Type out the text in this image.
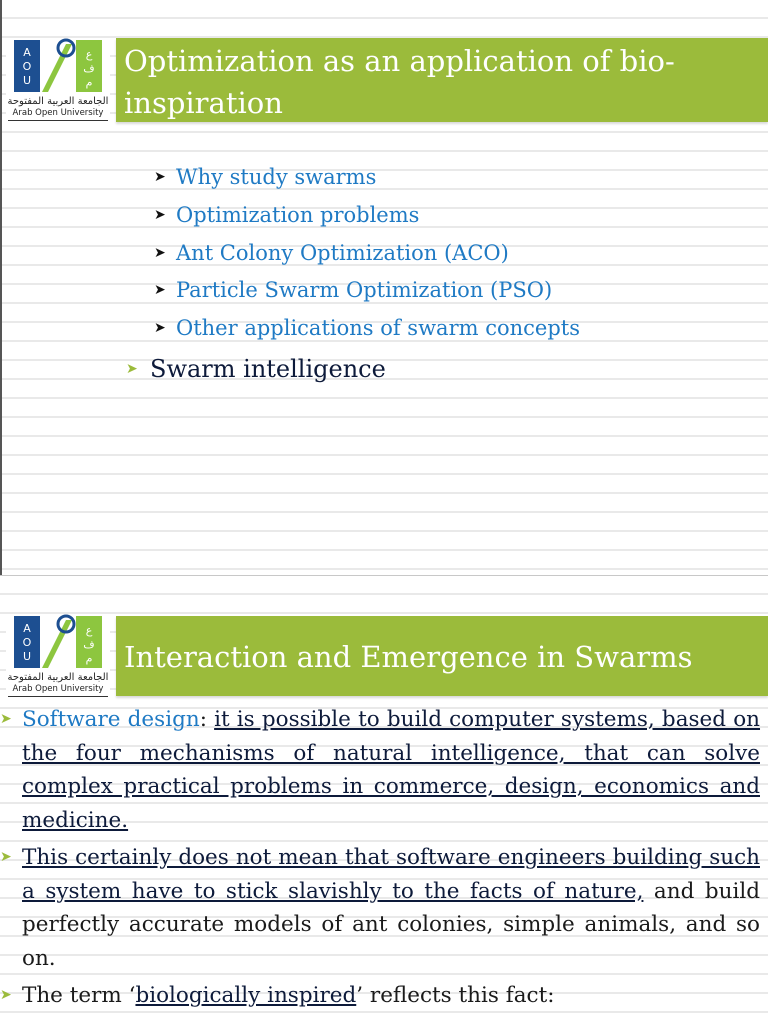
A
O
U
ع
ف
م
الجامعة العربية المفتوحة
Arab Open University
Optimization as an application of bio-inspiration
➤ Why study swarms
➤ Optimization problems
➤ Ant Colony Optimization (ACO)
➤ Particle Swarm Optimization (PSO)
➤ Other applications of swarm concepts
➤ Swarm intelligence
A
O
U
ع
ف
م
الجامعة العربية المفتوحة
Arab Open University
Interaction and Emergence in Swarms

➤ Software design: it is possible to build computer systems, based on the four mechanisms of natural intelligence, that can solve complex practical problems in commerce, design, economics and medicine.

➤ This certainly does not mean that software engineers building such a system have to stick slavishly to the facts of nature, and build perfectly accurate models of ant colonies, simple animals, and so on.

➤ The term ‘biologically inspired’ reflects this fact:
